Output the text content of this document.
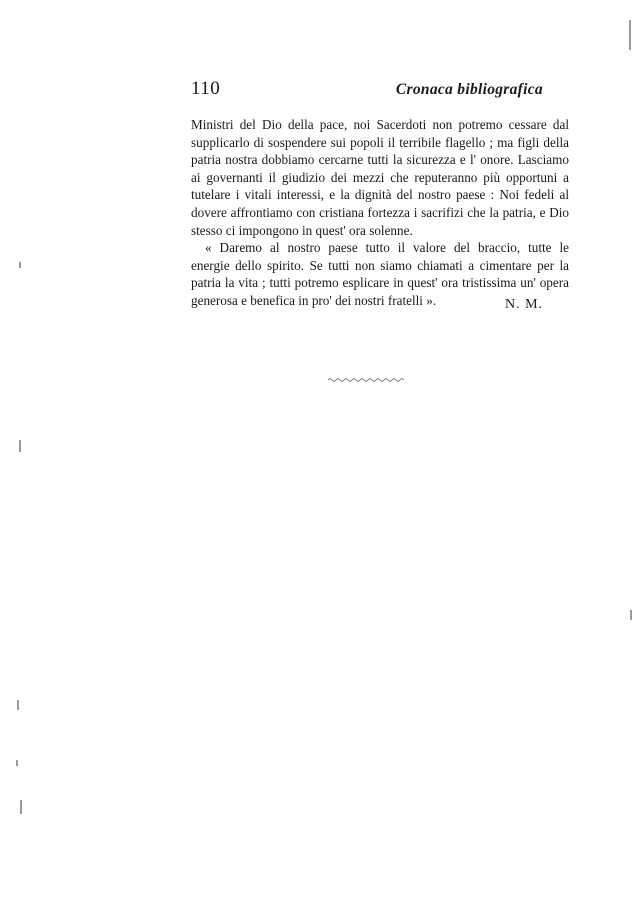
110	Cronaca bibliografica
Ministri del Dio della pace, noi Sacerdoti non potremo cessare dal
supplicarlo di sospendere sui popoli il terribile flagello ; ma figli della
patria nostra dobbiamo cercarne tutti la sicurezza e l' onore. Lasciamo
ai governanti il giudizio dei mezzi che reputeranno più opportuni a
tutelare i vitali interessi, e la dignità del nostro paese : Noi fedeli al
dovere affrontiamo con cristiana fortezza i sacrifizi che la patria, e Dio
stesso ci impongono in quest' ora solenne.
« Daremo al nostro paese tutto il valore del braccio, tutte le
energie dello spirito. Se tutti non siamo chiamati a cimentare per la
patria la vita ; tutti potremo esplicare in quest' ora tristissima un' opera
generosa e benefica in pro' dei nostri fratelli ».	N. M.
